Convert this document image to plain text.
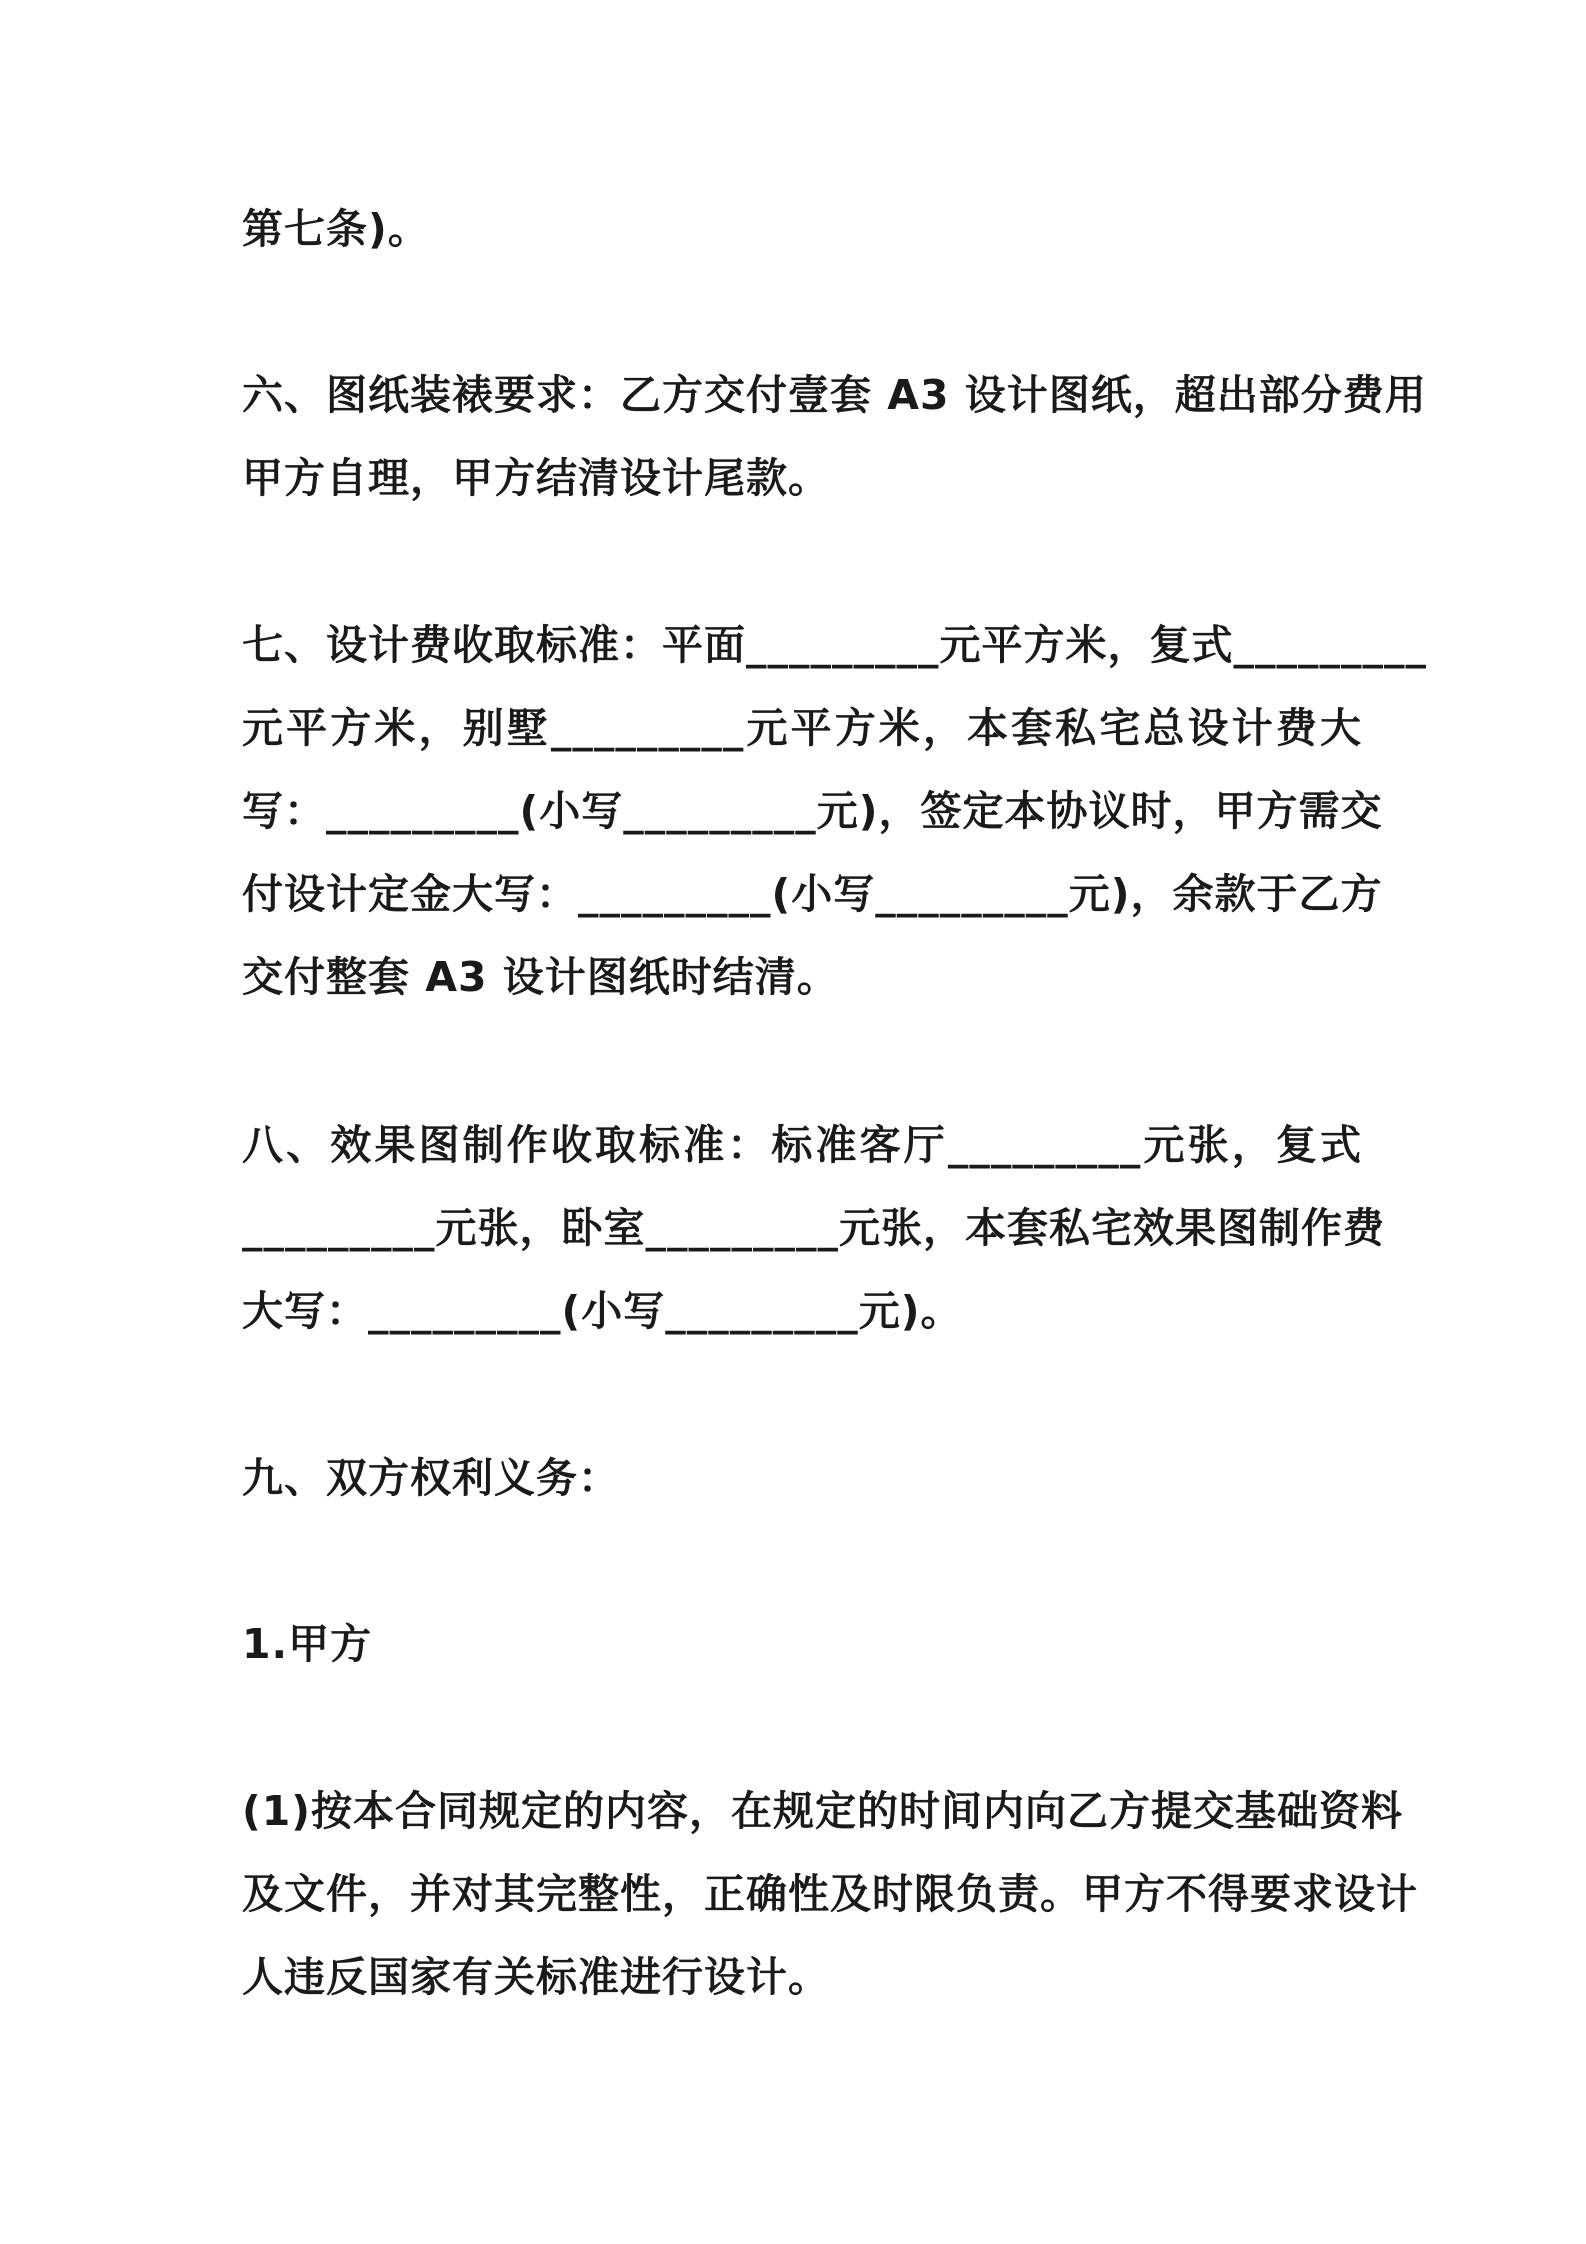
第七条)。

六、图纸装裱要求：乙方交付壹套 A3 设计图纸，超出部分费用
甲方自理，甲方结清设计尾款。

七、设计费收取标准：平面_________元平方米，复式_________
元平方米，别墅_________元平方米，本套私宅总设计费大
写：_________(小写_________元)，签定本协议时，甲方需交
付设计定金大写：_________(小写_________元)，余款于乙方
交付整套 A3 设计图纸时结清。

八、效果图制作收取标准：标准客厅_________元张，复式
_________元张，卧室_________元张，本套私宅效果图制作费
大写：_________(小写_________元)。

九、双方权利义务：

1.甲方

(1)按本合同规定的内容，在规定的时间内向乙方提交基础资料
及文件，并对其完整性，正确性及时限负责。甲方不得要求设计
人违反国家有关标准进行设计。
